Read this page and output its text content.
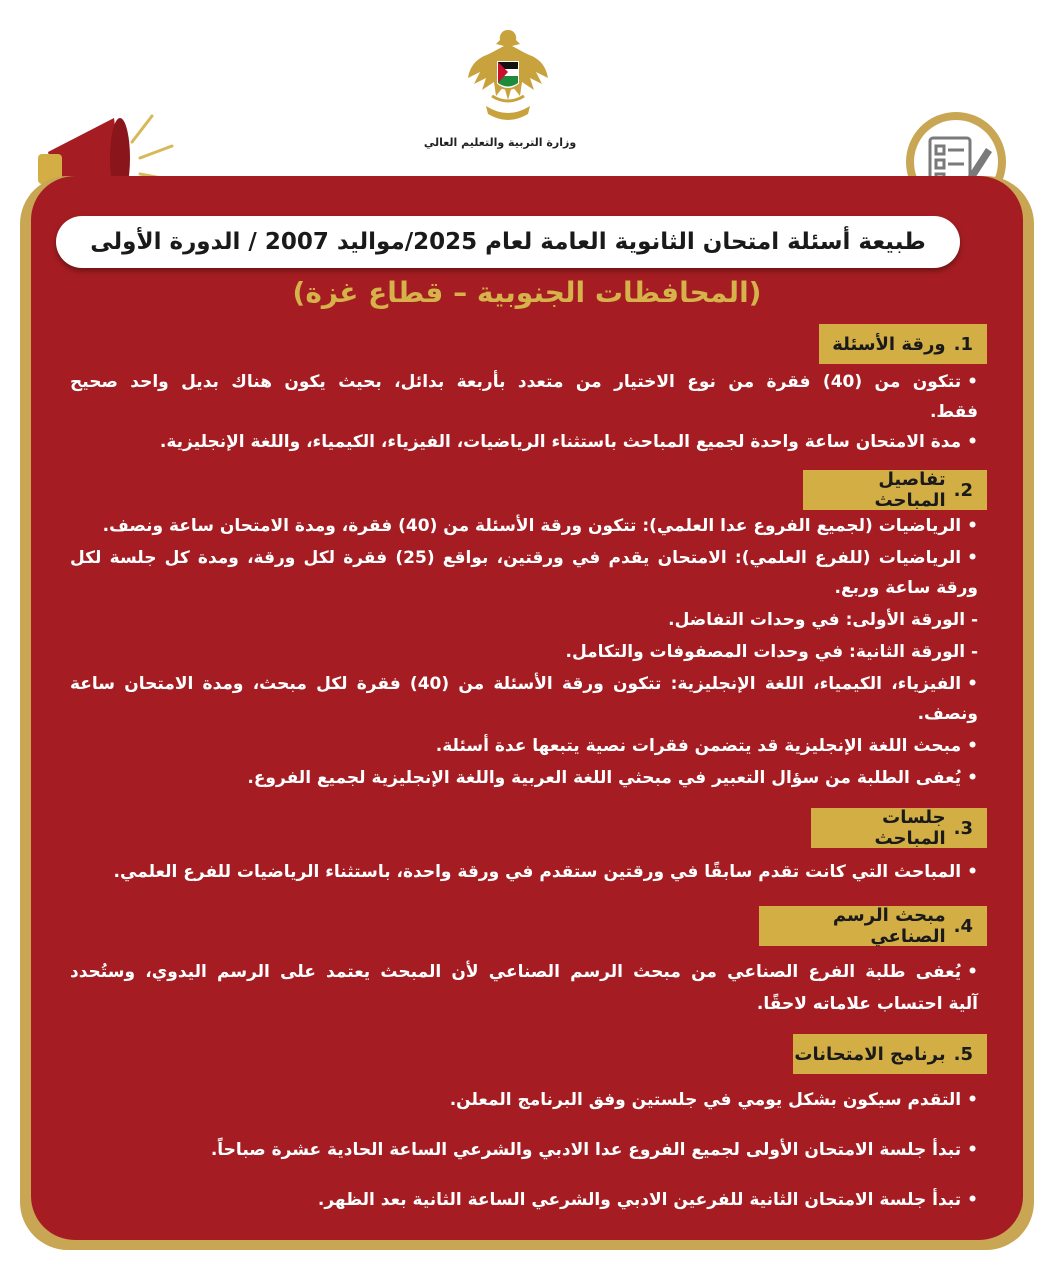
وزارة التربية والتعليم العالي
طبيعة أسئلة امتحان الثانوية العامة لعام 2025/مواليد 2007 / الدورة الأولى
(المحافظات الجنوبية – قطاع غزة)
1.
ورقة الأسئلة
• تتكون من (40) فقرة من نوع الاختيار من متعدد بأربعة بدائل، بحيث يكون هناك بديل واحد صحيح
فقط.
• مدة الامتحان ساعة واحدة لجميع المباحث باستثناء الرياضيات، الفيزياء، الكيمياء، واللغة الإنجليزية.
2.
تفاصيل المباحث
• الرياضيات (لجميع الفروع عدا العلمي): تتكون ورقة الأسئلة من (40) فقرة، ومدة الامتحان ساعة ونصف.
• الرياضيات (للفرع العلمي): الامتحان يقدم في ورقتين، بواقع (25) فقرة لكل ورقة، ومدة كل جلسة لكل
ورقة ساعة وربع.
- الورقة الأولى: في وحدات التفاضل.
- الورقة الثانية: في وحدات المصفوفات والتكامل.
• الفيزياء، الكيمياء، اللغة الإنجليزية: تتكون ورقة الأسئلة من (40) فقرة لكل مبحث، ومدة الامتحان ساعة
ونصف.
• مبحث اللغة الإنجليزية قد يتضمن فقرات نصية يتبعها عدة أسئلة.
• يُعفى الطلبة من سؤال التعبير في مبحثي اللغة العربية واللغة الإنجليزية لجميع الفروع.
3.
جلسات المباحث
• المباحث التي كانت تقدم سابقًا في ورقتين ستقدم في ورقة واحدة، باستثناء الرياضيات للفرع العلمي.
4.
مبحث الرسم الصناعي
• يُعفى طلبة الفرع الصناعي من مبحث الرسم الصناعي لأن المبحث يعتمد على الرسم اليدوي، وستُحدد
آلية احتساب علاماته لاحقًا.
5.
برنامج الامتحانات
• التقدم سيكون بشكل يومي في جلستين وفق البرنامج المعلن.
• تبدأ جلسة الامتحان الأولى لجميع الفروع عدا الادبي والشرعي الساعة الحادية عشرة صباحاً.
• تبدأ جلسة الامتحان الثانية للفرعين الادبي والشرعي الساعة الثانية بعد الظهر.
